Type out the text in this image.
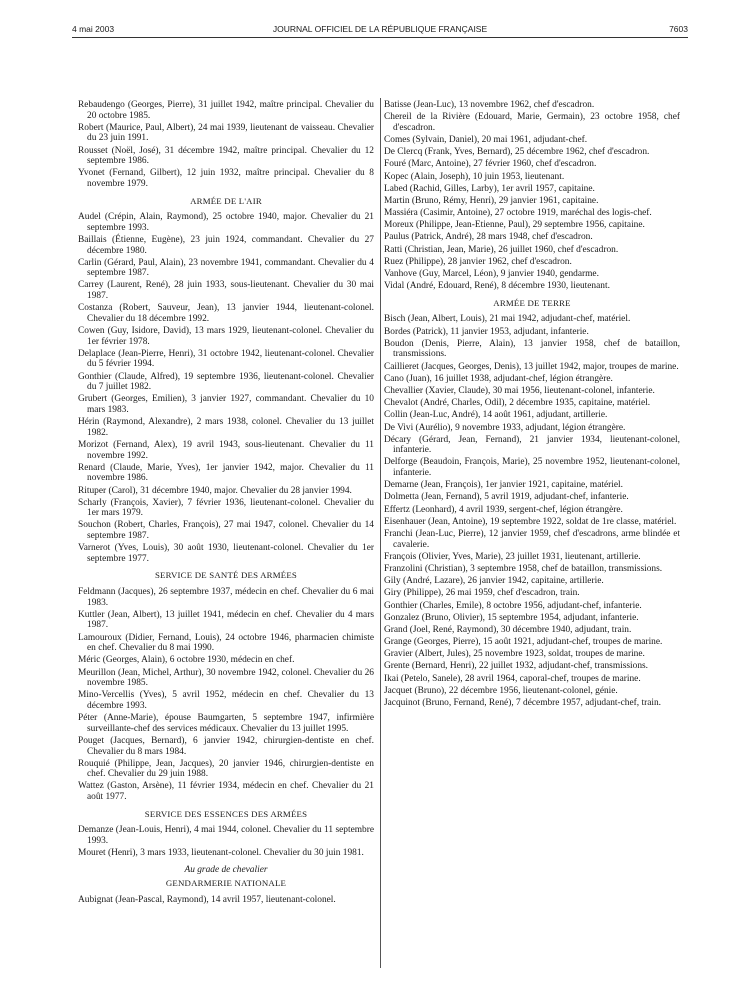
4 mai 2003	JOURNAL OFFICIEL DE LA RÉPUBLIQUE FRANÇAISE	7603

Rebaudengo (Georges, Pierre), 31 juillet 1942, maître principal. Chevalier du 20 octobre 1985.

Robert (Maurice, Paul, Albert), 24 mai 1939, lieutenant de vaisseau. Chevalier du 23 juin 1991.

Rousset (Noël, José), 31 décembre 1942, maître principal. Chevalier du 12 septembre 1986.

Yvonet (Fernand, Gilbert), 12 juin 1932, maître principal. Chevalier du 8 novembre 1979.

ARMÉE DE L'AIR

Audel (Crépin, Alain, Raymond), 25 octobre 1940, major. Chevalier du 21 septembre 1993.

Baillais (Étienne, Eugène), 23 juin 1924, commandant. Chevalier du 27 décembre 1980.

Carlin (Gérard, Paul, Alain), 23 novembre 1941, commandant. Chevalier du 4 septembre 1987.

Carrey (Laurent, René), 28 juin 1933, sous-lieutenant. Chevalier du 30 mai 1987.

Costanza (Robert, Sauveur, Jean), 13 janvier 1944, lieutenant-colonel. Chevalier du 18 décembre 1992.

Cowen (Guy, Isidore, David), 13 mars 1929, lieutenant-colonel. Chevalier du 1er février 1978.

Delaplace (Jean-Pierre, Henri), 31 octobre 1942, lieutenant-colonel. Chevalier du 5 février 1994.

Gonthier (Claude, Alfred), 19 septembre 1936, lieutenant-colonel. Chevalier du 7 juillet 1982.

Grubert (Georges, Emilien), 3 janvier 1927, commandant. Chevalier du 10 mars 1983.

Hérin (Raymond, Alexandre), 2 mars 1938, colonel. Chevalier du 13 juillet 1982.

Morizot (Fernand, Alex), 19 avril 1943, sous-lieutenant. Chevalier du 11 novembre 1992.

Renard (Claude, Marie, Yves), 1er janvier 1942, major. Chevalier du 11 novembre 1986.

Rituper (Carol), 31 décembre 1940, major. Chevalier du 28 janvier 1994.

Scharly (François, Xavier), 7 février 1936, lieutenant-colonel. Chevalier du 1er mars 1979.

Souchon (Robert, Charles, François), 27 mai 1947, colonel. Chevalier du 14 septembre 1987.

Varnerot (Yves, Louis), 30 août 1930, lieutenant-colonel. Chevalier du 1er septembre 1977.

SERVICE DE SANTÉ DES ARMÉES

Feldmann (Jacques), 26 septembre 1937, médecin en chef. Chevalier du 6 mai 1983.

Kuttler (Jean, Albert), 13 juillet 1941, médecin en chef. Chevalier du 4 mars 1987.

Lamouroux (Didier, Fernand, Louis), 24 octobre 1946, pharmacien chimiste en chef. Chevalier du 8 mai 1990.

Méric (Georges, Alain), 6 octobre 1930, médecin en chef.

Meurillon (Jean, Michel, Arthur), 30 novembre 1942, colonel. Chevalier du 26 novembre 1985.

Mino-Vercellis (Yves), 5 avril 1952, médecin en chef. Chevalier du 13 décembre 1993.

Péter (Anne-Marie), épouse Baumgarten, 5 septembre 1947, infirmière surveillante-chef des services médicaux. Chevalier du 13 juillet 1995.

Pouget (Jacques, Bernard), 6 janvier 1942, chirurgien-dentiste en chef. Chevalier du 8 mars 1984.

Rouquié (Philippe, Jean, Jacques), 20 janvier 1946, chirurgien-dentiste en chef. Chevalier du 29 juin 1988.

Wattez (Gaston, Arsène), 11 février 1934, médecin en chef. Chevalier du 21 août 1977.

SERVICE DES ESSENCES DES ARMÉES

Demanze (Jean-Louis, Henri), 4 mai 1944, colonel. Chevalier du 11 septembre 1993.

Mouret (Henri), 3 mars 1933, lieutenant-colonel. Chevalier du 30 juin 1981.

Au grade de chevalier
GENDARMERIE NATIONALE

Aubignat (Jean-Pascal, Raymond), 14 avril 1957, lieutenant-colonel.

Batisse (Jean-Luc), 13 novembre 1962, chef d'escadron.

Chereil de la Rivière (Edouard, Marie, Germain), 23 octobre 1958, chef d'escadron.

Comes (Sylvain, Daniel), 20 mai 1961, adjudant-chef.

De Clercq (Frank, Yves, Bernard), 25 décembre 1962, chef d'escadron.

Fouré (Marc, Antoine), 27 février 1960, chef d'escadron.

Kopec (Alain, Joseph), 10 juin 1953, lieutenant.

Labed (Rachid, Gilles, Larby), 1er avril 1957, capitaine.

Martin (Bruno, Rémy, Henri), 29 janvier 1961, capitaine.

Massiéra (Casimir, Antoine), 27 octobre 1919, maréchal des logis-chef.

Moreux (Philippe, Jean-Etienne, Paul), 29 septembre 1956, capitaine.

Paulus (Patrick, André), 28 mars 1948, chef d'escadron.

Ratti (Christian, Jean, Marie), 26 juillet 1960, chef d'escadron.

Ruez (Philippe), 28 janvier 1962, chef d'escadron.

Vanhove (Guy, Marcel, Léon), 9 janvier 1940, gendarme.

Vidal (André, Edouard, René), 8 décembre 1930, lieutenant.

ARMÉE DE TERRE

Bisch (Jean, Albert, Louis), 21 mai 1942, adjudant-chef, matériel.

Bordes (Patrick), 11 janvier 1953, adjudant, infanterie.

Boudon (Denis, Pierre, Alain), 13 janvier 1958, chef de bataillon, transmissions.

Caillieret (Jacques, Georges, Denis), 13 juillet 1942, major, troupes de marine.

Cano (Juan), 16 juillet 1938, adjudant-chef, légion étrangère.

Chevallier (Xavier, Claude), 30 mai 1956, lieutenant-colonel, infanterie.

Chevalot (André, Charles, Odil), 2 décembre 1935, capitaine, matériel.

Collin (Jean-Luc, André), 14 août 1961, adjudant, artillerie.

De Vivi (Aurélio), 9 novembre 1933, adjudant, légion étrangère.

Décary (Gérard, Jean, Fernand), 21 janvier 1934, lieutenant-colonel, infanterie.

Delforge (Beaudoin, François, Marie), 25 novembre 1952, lieutenant-colonel, infanterie.

Demarne (Jean, François), 1er janvier 1921, capitaine, matériel.

Dolmetta (Jean, Fernand), 5 avril 1919, adjudant-chef, infanterie.

Effertz (Leonhard), 4 avril 1939, sergent-chef, légion étrangère.

Eisenhauer (Jean, Antoine), 19 septembre 1922, soldat de 1re classe, matériel.

Franchi (Jean-Luc, Pierre), 12 janvier 1959, chef d'escadrons, arme blindée et cavalerie.

François (Olivier, Yves, Marie), 23 juillet 1931, lieutenant, artillerie.

Franzolini (Christian), 3 septembre 1958, chef de bataillon, transmissions.

Gily (André, Lazare), 26 janvier 1942, capitaine, artillerie.

Giry (Philippe), 26 mai 1959, chef d'escadron, train.

Gonthier (Charles, Emile), 8 octobre 1956, adjudant-chef, infanterie.

Gonzalez (Bruno, Olivier), 15 septembre 1954, adjudant, infanterie.

Grand (Joel, René, Raymond), 30 décembre 1940, adjudant, train.

Grange (Georges, Pierre), 15 août 1921, adjudant-chef, troupes de marine.

Gravier (Albert, Jules), 25 novembre 1923, soldat, troupes de marine.

Grente (Bernard, Henri), 22 juillet 1932, adjudant-chef, transmissions.

Ikai (Petelo, Sanele), 28 avril 1964, caporal-chef, troupes de marine.

Jacquet (Bruno), 22 décembre 1956, lieutenant-colonel, génie.

Jacquinot (Bruno, Fernand, René), 7 décembre 1957, adjudant-chef, train.
